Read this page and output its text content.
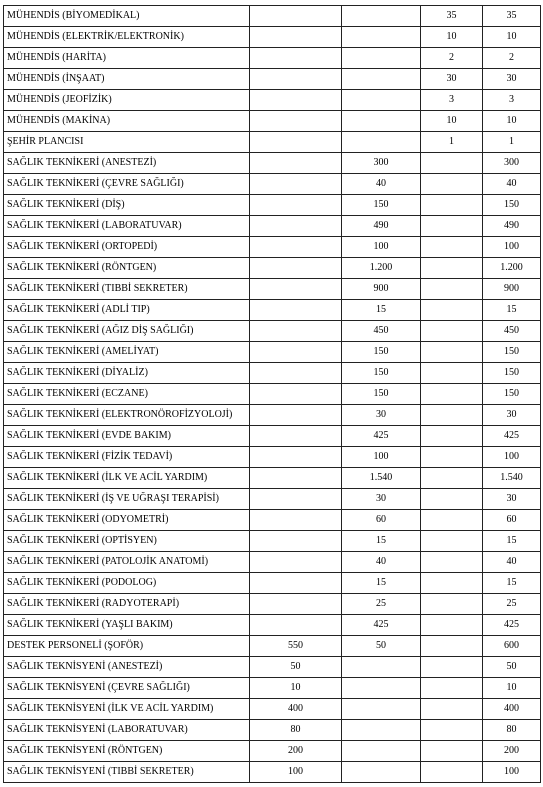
MÜHENDİS (BİYOMEDİKAL)			35	35
MÜHENDİS (ELEKTRİK/ELEKTRONİK)			10	10
MÜHENDİS (HARİTA)			2	2
MÜHENDİS (İNŞAAT)			30	30
MÜHENDİS (JEOFİZİK)			3	3
MÜHENDİS (MAKİNA)			10	10
ŞEHİR PLANCISI			1	1
SAĞLIK TEKNİKERİ (ANESTEZİ)		300		300
SAĞLIK TEKNİKERİ (ÇEVRE SAĞLIĞI)		40		40
SAĞLIK TEKNİKERİ (DİŞ)		150		150
SAĞLIK TEKNİKERİ (LABORATUVAR)		490		490
SAĞLIK TEKNİKERİ (ORTOPEDİ)		100		100
SAĞLIK TEKNİKERİ (RÖNTGEN)		1.200		1.200
SAĞLIK TEKNİKERİ (TIBBİ SEKRETER)		900		900
SAĞLIK TEKNİKERİ (ADLİ TIP)		15		15
SAĞLIK TEKNİKERİ (AĞIZ DİŞ SAĞLIĞI)		450		450
SAĞLIK TEKNİKERİ (AMELİYAT)		150		150
SAĞLIK TEKNİKERİ (DİYALİZ)		150		150
SAĞLIK TEKNİKERİ (ECZANE)		150		150
SAĞLIK TEKNİKERİ (ELEKTRONÖROFİZYOLOJİ)		30		30
SAĞLIK TEKNİKERİ (EVDE BAKIM)		425		425
SAĞLIK TEKNİKERİ (FİZİK TEDAVİ)		100		100
SAĞLIK TEKNİKERİ (İLK VE ACİL YARDIM)		1.540		1.540
SAĞLIK TEKNİKERİ (İŞ VE UĞRAŞI TERAPİSİ)		30		30
SAĞLIK TEKNİKERİ (ODYOMETRİ)		60		60
SAĞLIK TEKNİKERİ (OPTİSYEN)		15		15
SAĞLIK TEKNİKERİ (PATOLOJİK ANATOMİ)		40		40
SAĞLIK TEKNİKERİ (PODOLOG)		15		15
SAĞLIK TEKNİKERİ (RADYOTERAPİ)		25		25
SAĞLIK TEKNİKERİ (YAŞLI BAKIM)		425		425
DESTEK PERSONELİ (ŞOFÖR)	550	50		600
SAĞLIK TEKNİSYENİ (ANESTEZİ)	50			50
SAĞLIK TEKNİSYENİ (ÇEVRE SAĞLIĞI)	10			10
SAĞLIK TEKNİSYENİ (İLK VE ACİL YARDIM)	400			400
SAĞLIK TEKNİSYENİ (LABORATUVAR)	80			80
SAĞLIK TEKNİSYENİ (RÖNTGEN)	200			200
SAĞLIK TEKNİSYENİ (TIBBİ SEKRETER)	100			100
